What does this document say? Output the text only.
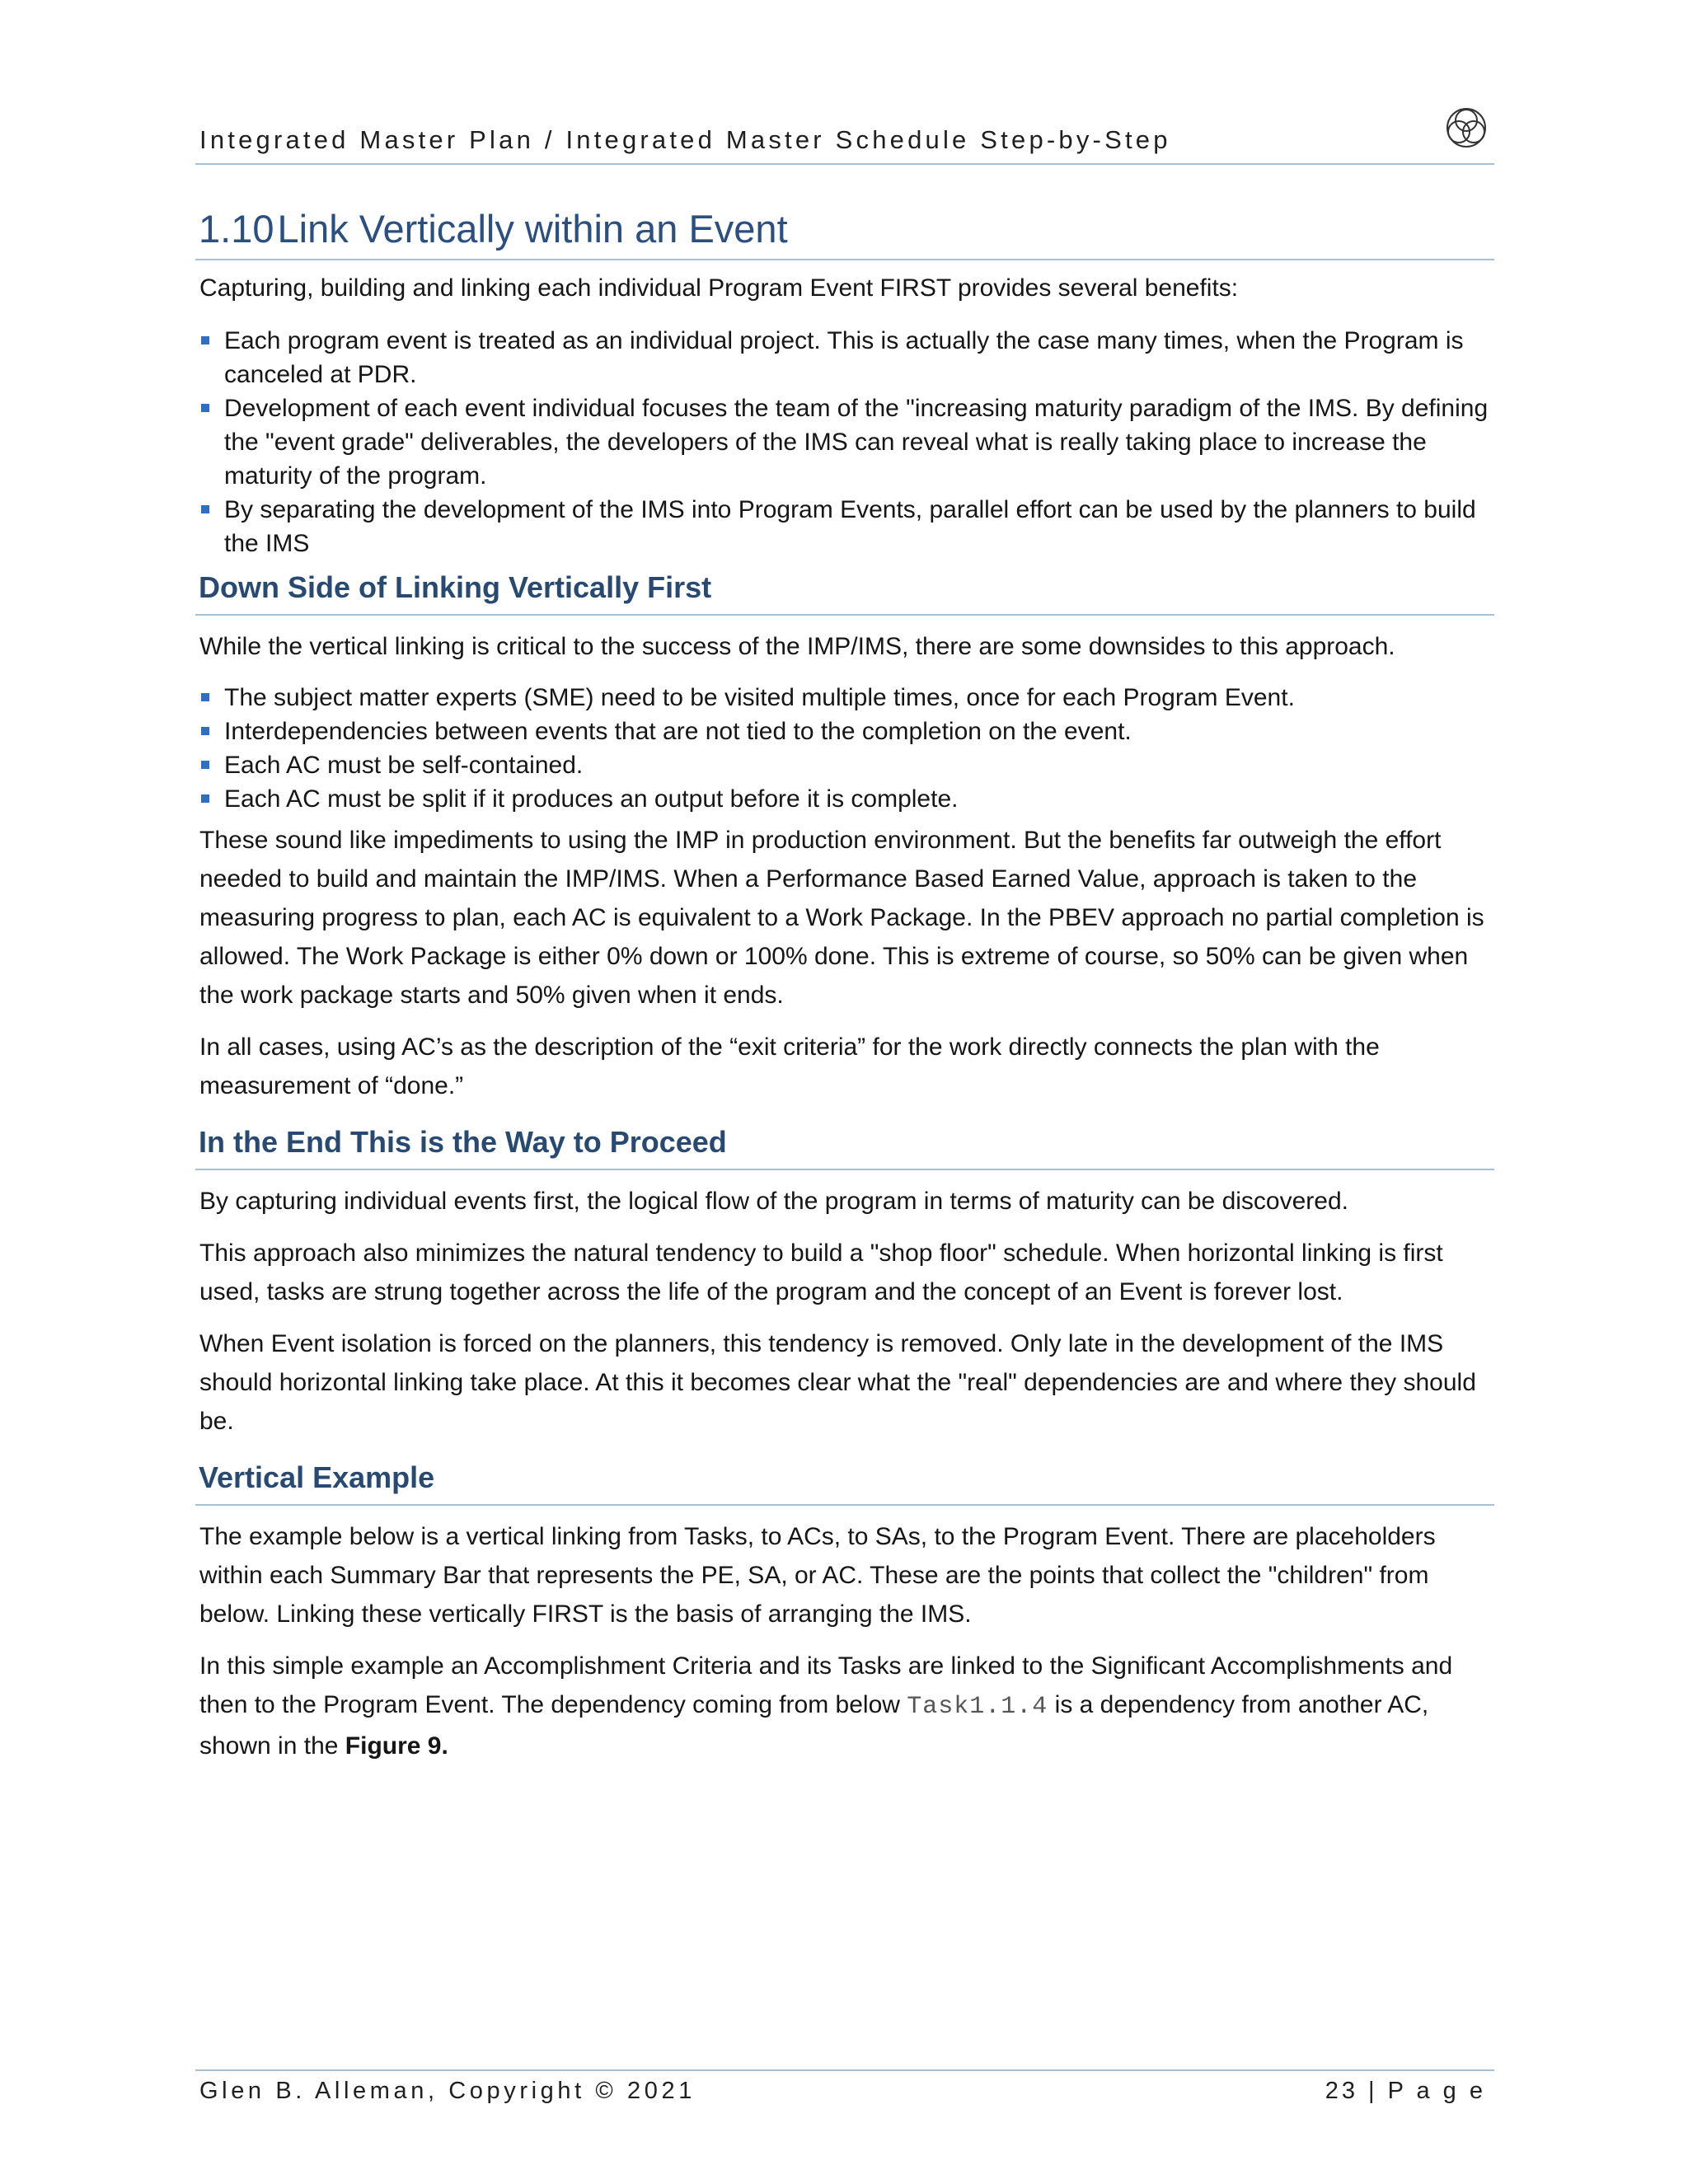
Integrated Master Plan / Integrated Master Schedule Step-by-Step
1.10Link Vertically within an Event

Capturing, building and linking each individual Program Event FIRST provides several benefits:

Each program event is treated as an individual project. This is actually the case many times, when the Program is canceled at PDR.
Development of each event individual focuses the team of the "increasing maturity paradigm of the IMS. By defining the "event grade" deliverables, the developers of the IMS can reveal what is really taking place to increase the maturity of the program.
By separating the development of the IMS into Program Events, parallel effort can be used by the planners to build the IMS
Down Side of Linking Vertically First

While the vertical linking is critical to the success of the IMP/IMS, there are some downsides to this approach.

The subject matter experts (SME) need to be visited multiple times, once for each Program Event.
Interdependencies between events that are not tied to the completion on the event.
Each AC must be self-contained.
Each AC must be split if it produces an output before it is complete.

These sound like impediments to using the IMP in production environment. But the benefits far outweigh the effort needed to build and maintain the IMP/IMS. When a Performance Based Earned Value, approach is taken to the measuring progress to plan, each AC is equivalent to a Work Package. In the PBEV approach no partial completion is allowed. The Work Package is either 0% down or 100% done. This is extreme of course, so 50% can be given when the work package starts and 50% given when it ends.

In all cases, using AC’s as the description of the “exit criteria” for the work directly connects the plan with the measurement of “done.”

In the End This is the Way to Proceed

By capturing individual events first, the logical flow of the program in terms of maturity can be discovered.

This approach also minimizes the natural tendency to build a "shop floor" schedule. When horizontal linking is first used, tasks are strung together across the life of the program and the concept of an Event is forever lost.

When Event isolation is forced on the planners, this tendency is removed. Only late in the development of the IMS should horizontal linking take place. At this it becomes clear what the "real" dependencies are and where they should be.

Vertical Example

The example below is a vertical linking from Tasks, to ACs, to SAs, to the Program Event. There are placeholders within each Summary Bar that represents the PE, SA, or AC. These are the points that collect the "children" from below. Linking these vertically FIRST is the basis of arranging the IMS.

In this simple example an Accomplishment Criteria and its Tasks are linked to the Significant Accomplishments and then to the Program Event. The dependency coming from below Task1.1.4 is a dependency from another AC, shown in the Figure 9.

Glen B. Alleman, Copyright © 2021	23 | P a g e
